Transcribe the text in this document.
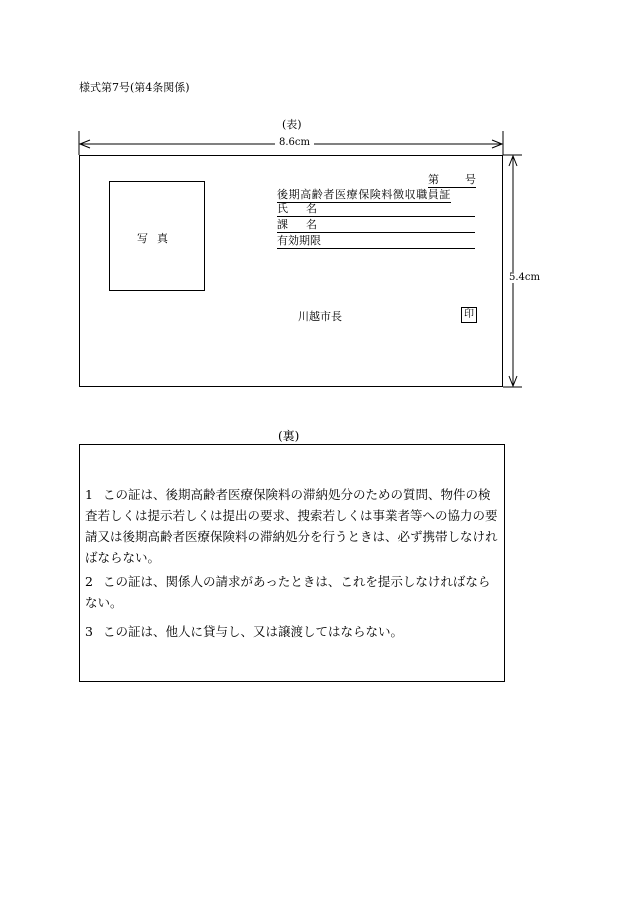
様式第7号(第4条関係)
(表)
8.6cm
5.4cm
写真
第 号
後期高齢者医療保険料徴収職員証
氏名
課名
有効期限
川越市長	印
(裏)
1 この証は、後期高齢者医療保険料の滞納処分のための質問、物件の検査若しくは提示若しくは提出の要求、捜索若しくは事業者等への協力の要請又は後期高齢者医療保険料の滞納処分を行うときは、必ず携帯しなければならない。
2 この証は、関係人の請求があったときは、これを提示しなければならない。
3 この証は、他人に貸与し、又は譲渡してはならない。
